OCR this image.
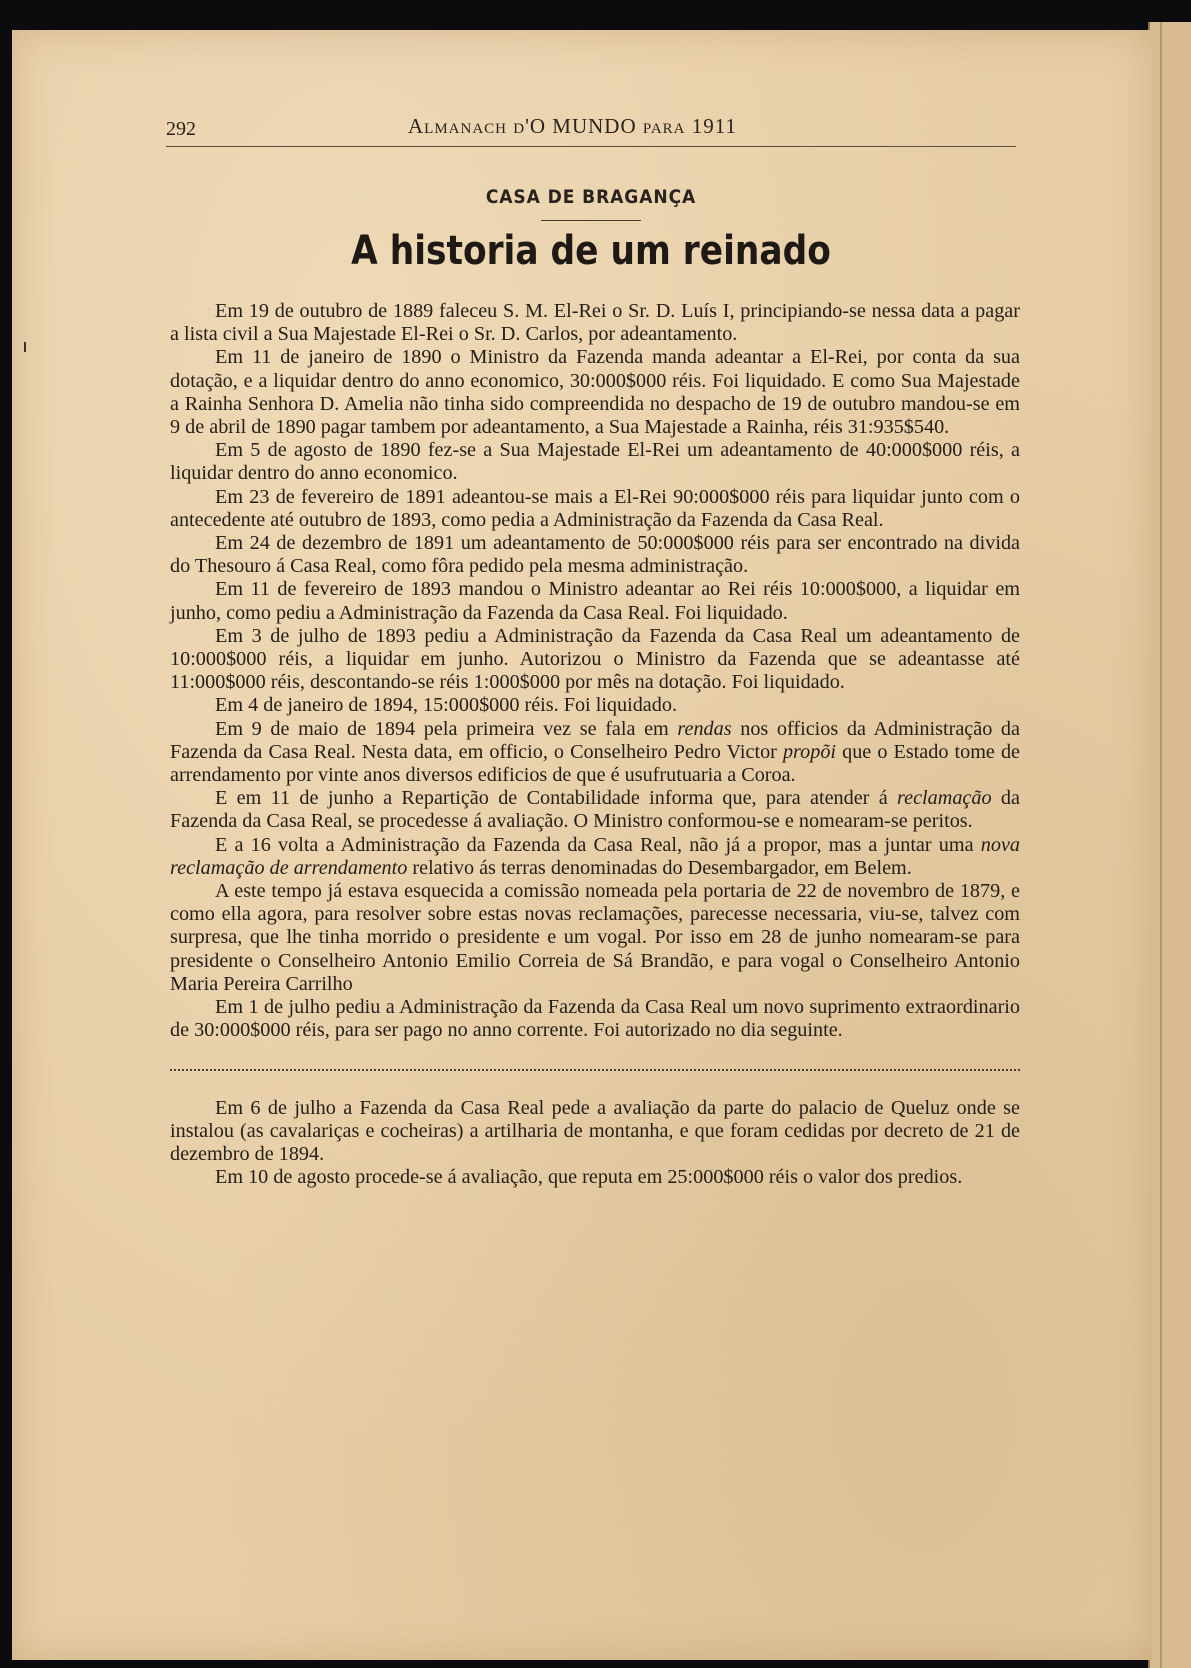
292	Almanach d'O MUNDO para 1911
CASA DE BRAGANÇA
A historia de um reinado

Em 19 de outubro de 1889 faleceu S. M. El-Rei o Sr. D. Luís I, principiando-se nessa data a pagar a lista civil a Sua Majestade El-Rei o Sr. D. Carlos, por adeantamento.

Em 11 de janeiro de 1890 o Ministro da Fazenda manda adeantar a El-Rei, por conta da sua dotação, e a liquidar dentro do anno economico, 30:000$000 réis. Foi liquidado. E como Sua Majestade a Rainha Senhora D. Amelia não tinha sido compreendida no despacho de 19 de outubro mandou-se em 9 de abril de 1890 pagar tambem por adeantamento, a Sua Majestade a Rainha, réis 31:935$540.

Em 5 de agosto de 1890 fez-se a Sua Majestade El-Rei um adeantamento de 40:000$000 réis, a liquidar dentro do anno economico.

Em 23 de fevereiro de 1891 adeantou-se mais a El-Rei 90:000$000 réis para liquidar junto com o antecedente até outubro de 1893, como pedia a Administração da Fazenda da Casa Real.

Em 24 de dezembro de 1891 um adeantamento de 50:000$000 réis para ser encontrado na divida do Thesouro á Casa Real, como fôra pedido pela mesma administração.

Em 11 de fevereiro de 1893 mandou o Ministro adeantar ao Rei réis 10:000$000, a liquidar em junho, como pediu a Administração da Fazenda da Casa Real. Foi liquidado.

Em 3 de julho de 1893 pediu a Administração da Fazenda da Casa Real um adeantamento de 10:000$000 réis, a liquidar em junho. Autorizou o Ministro da Fazenda que se adeantasse até 11:000$000 réis, descontando-se réis 1:000$000 por mês na dotação. Foi liquidado.

Em 4 de janeiro de 1894, 15:000$000 réis. Foi liquidado.

Em 9 de maio de 1894 pela primeira vez se fala em rendas nos officios da Administração da Fazenda da Casa Real. Nesta data, em officio, o Conselheiro Pedro Victor propõi que o Estado tome de arrendamento por vinte anos diversos edificios de que é usufrutuaria a Coroa.

E em 11 de junho a Repartição de Contabilidade informa que, para atender á reclamação da Fazenda da Casa Real, se procedesse á avaliação. O Ministro conformou-se e nomearam-se peritos.

E a 16 volta a Administração da Fazenda da Casa Real, não já a propor, mas a juntar uma nova reclamação de arrendamento relativo ás terras denominadas do Desembargador, em Belem.

A este tempo já estava esquecida a comissão nomeada pela portaria de 22 de novembro de 1879, e como ella agora, para resolver sobre estas novas reclamações, parecesse necessaria, viu-se, talvez com surpresa, que lhe tinha morrido o presidente e um vogal. Por isso em 28 de junho nomearam-se para presidente o Conselheiro Antonio Emilio Correia de Sá Brandão, e para vogal o Conselheiro Antonio Maria Pereira Carrilho

Em 1 de julho pediu a Administração da Fazenda da Casa Real um novo suprimento extraordinario de 30:000$000 réis, para ser pago no anno corrente. Foi autorizado no dia seguinte.

Em 6 de julho a Fazenda da Casa Real pede a avaliação da parte do palacio de Queluz onde se instalou (as cavalariças e cocheiras) a artilharia de montanha, e que foram cedidas por decreto de 21 de dezembro de 1894.

Em 10 de agosto procede-se á avaliação, que reputa em 25:000$000 réis o valor dos predios.
